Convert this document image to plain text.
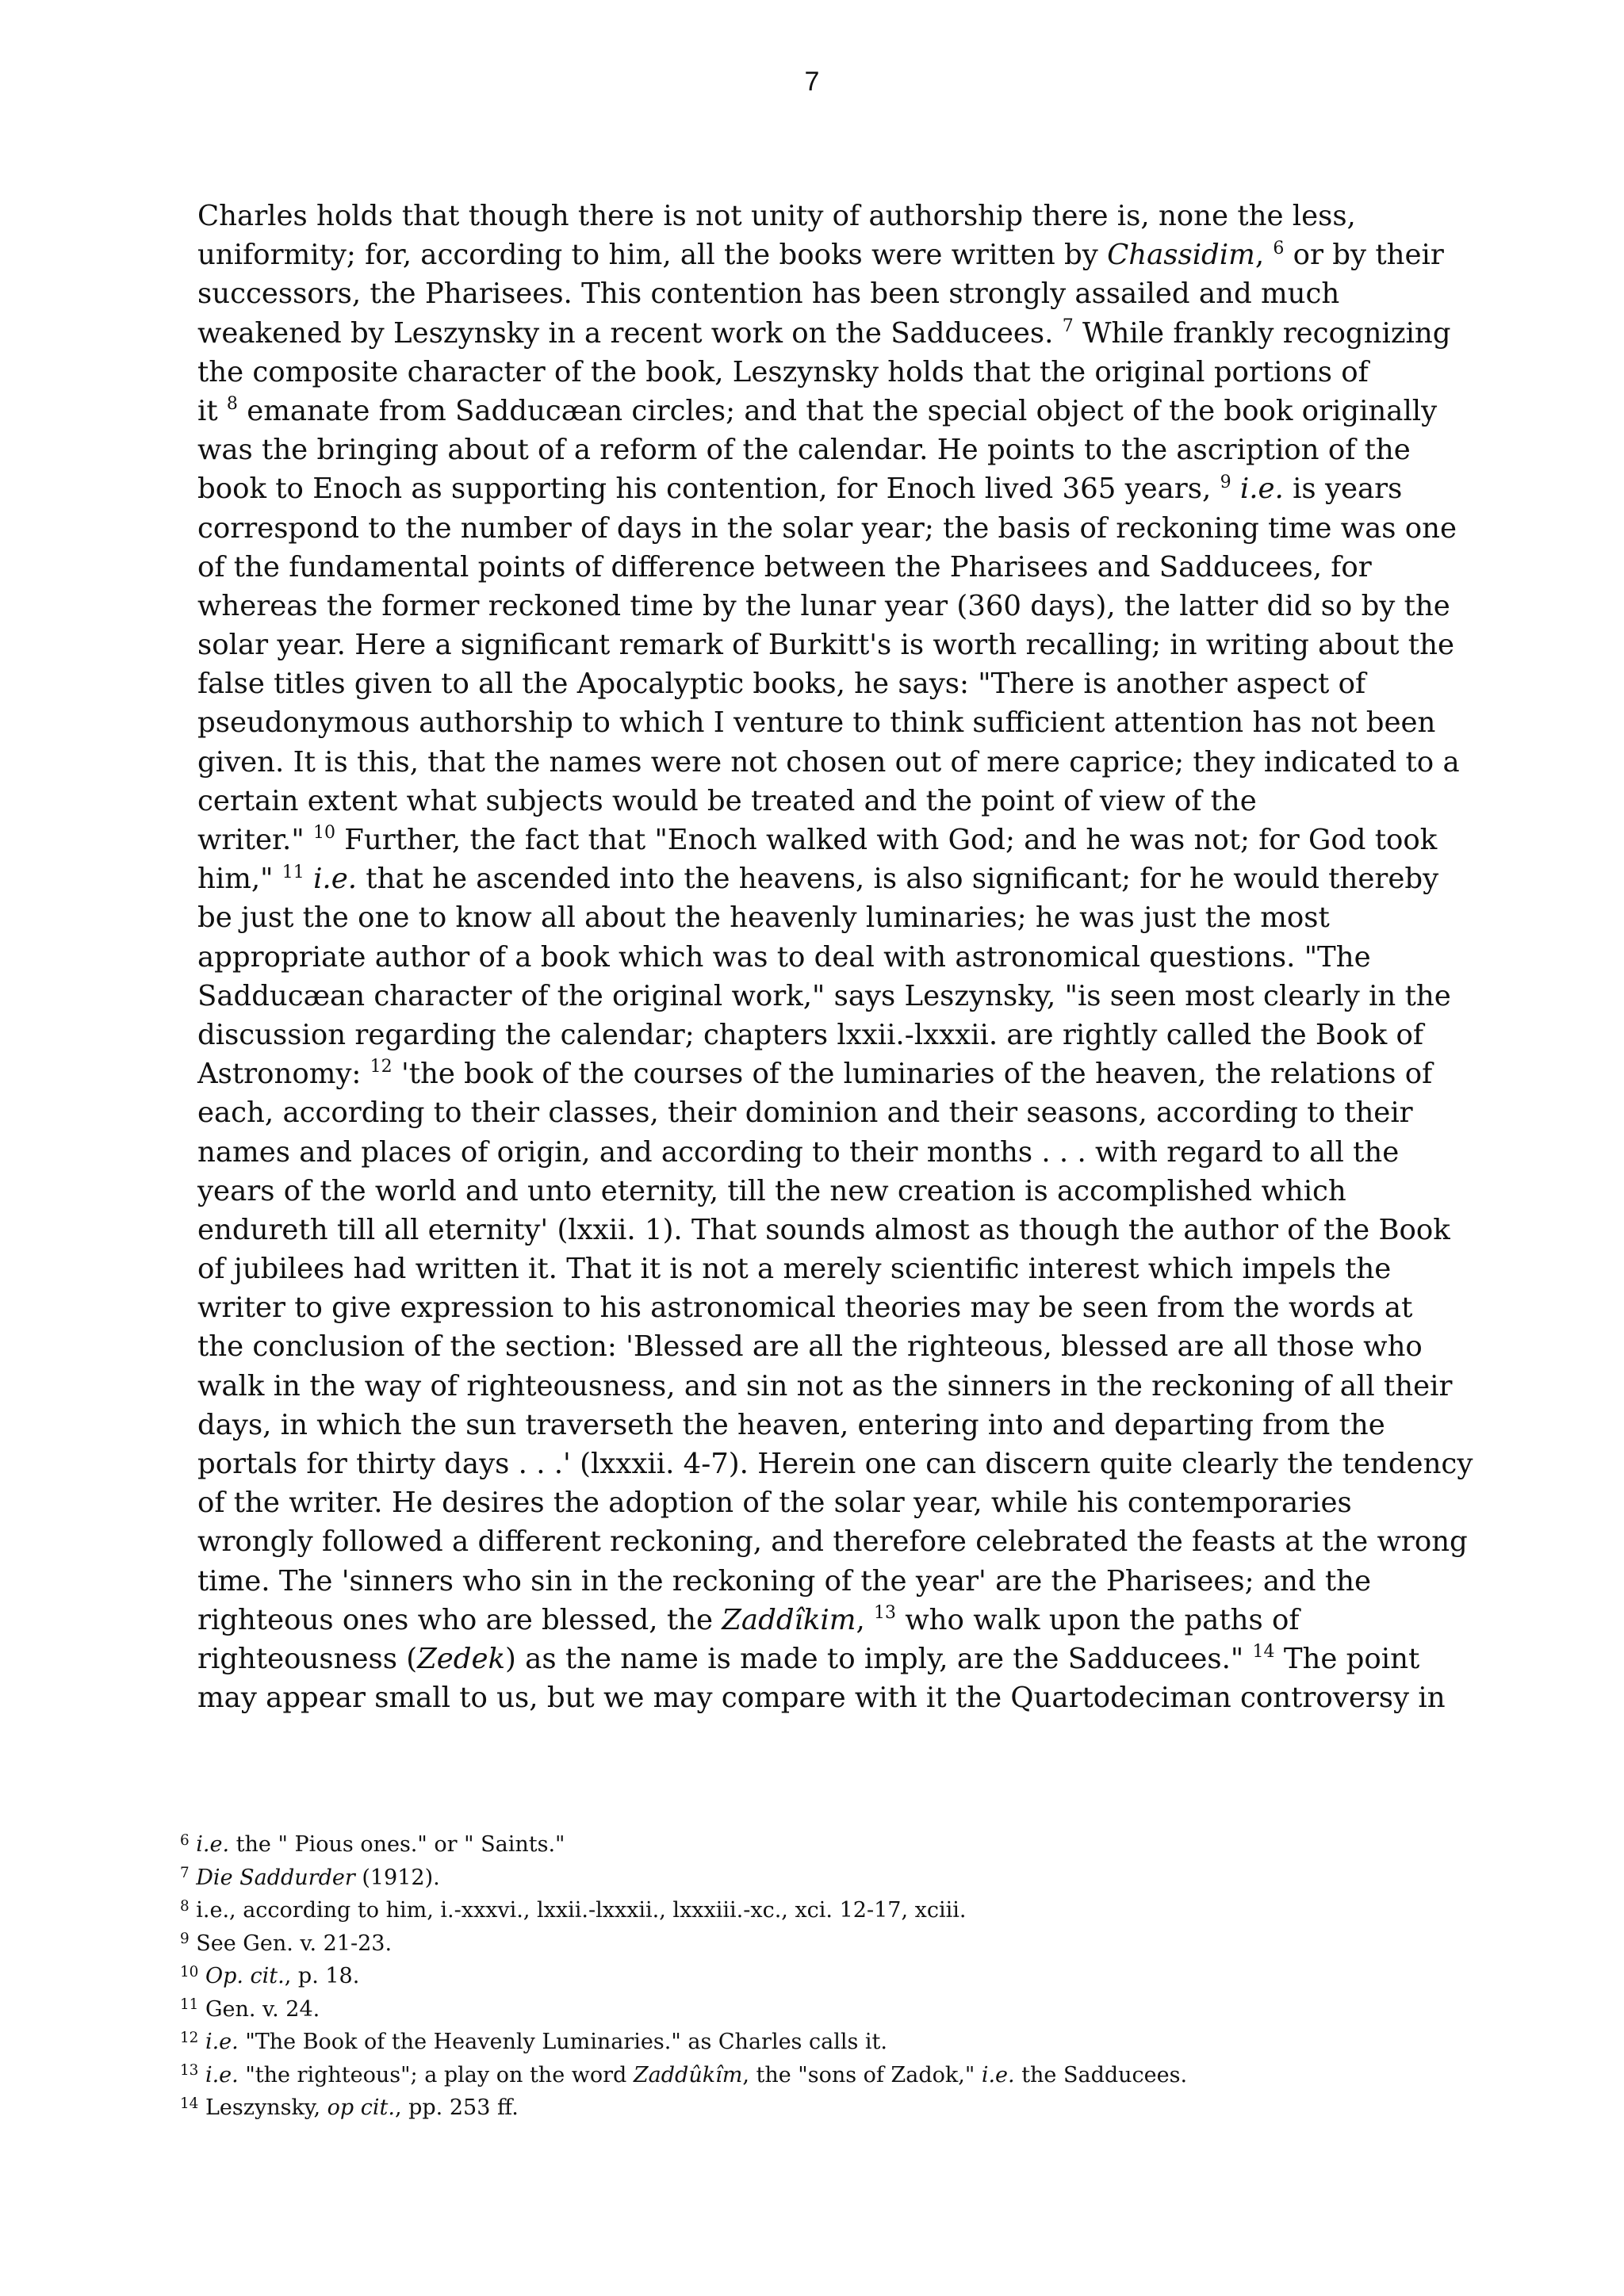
7
Charles holds that though there is not unity of authorship there is, none the less,
uniformity; for, according to him, all the books were written by Chassidim, $^6$ or by their
successors, the Pharisees. This contention has been strongly assailed and much
weakened by Leszynsky in a recent work on the Sadducees. $^7$ While frankly recognizing
the composite character of the book, Leszynsky holds that the original portions of
it $^8$ emanate from Sadducæan circles; and that the special object of the book originally
was the bringing about of a reform of the calendar. He points to the ascription of the
book to Enoch as supporting his contention, for Enoch lived 365 years, $^9$ i.e. is years
correspond to the number of days in the solar year; the basis of reckoning time was one
of the fundamental points of difference between the Pharisees and Sadducees, for
whereas the former reckoned time by the lunar year (360 days), the latter did so by the
solar year. Here a significant remark of Burkitt's is worth recalling; in writing about the
false titles given to all the Apocalyptic books, he says: "There is another aspect of
pseudonymous authorship to which I venture to think sufficient attention has not been
given. It is this, that the names were not chosen out of mere caprice; they indicated to a
certain extent what subjects would be treated and the point of view of the
writer." $^{10}$ Further, the fact that "Enoch walked with God; and he was not; for God took
him," $^{11}$ i.e. that he ascended into the heavens, is also significant; for he would thereby
be just the one to know all about the heavenly luminaries; he was just the most
appropriate author of a book which was to deal with astronomical questions. "The
Sadducæan character of the original work," says Leszynsky, "is seen most clearly in the
discussion regarding the calendar; chapters lxxii.-lxxxii. are rightly called the Book of
Astronomy: $^{12}$ 'the book of the courses of the luminaries of the heaven, the relations of
each, according to their classes, their dominion and their seasons, according to their
names and places of origin, and according to their months . . . with regard to all the
years of the world and unto eternity, till the new creation is accomplished which
endureth till all eternity' (lxxii. 1). That sounds almost as though the author of the Book
of jubilees had written it. That it is not a merely scientific interest which impels the
writer to give expression to his astronomical theories may be seen from the words at
the conclusion of the section: 'Blessed are all the righteous, blessed are all those who
walk in the way of righteousness, and sin not as the sinners in the reckoning of all their
days, in which the sun traverseth the heaven, entering into and departing from the
portals for thirty days . . .' (lxxxii. 4-7). Herein one can discern quite clearly the tendency
of the writer. He desires the adoption of the solar year, while his contemporaries
wrongly followed a different reckoning, and therefore celebrated the feasts at the wrong
time. The 'sinners who sin in the reckoning of the year' are the Pharisees; and the
righteous ones who are blessed, the Zaddîkim, $^{13}$ who walk upon the paths of
righteousness (Zedek) as the name is made to imply, are the Sadducees." $^{14}$ The point
may appear small to us, but we may compare with it the Quartodeciman controversy in
$^6$ i.e. the " Pious ones." or " Saints."
$^7$ Die Saddurder (1912).
$^8$ i.e., according to him, i.-xxxvi., lxxii.-lxxxii., lxxxiii.-xc., xci. 12-17, xciii.
$^9$ See Gen. v. 21-23.
$^{10}$ Op. cit., p. 18.
$^{11}$ Gen. v. 24.
$^{12}$ i.e. "The Book of the Heavenly Luminaries." as Charles calls it.
$^{13}$ i.e. "the righteous"; a play on the word Zaddûkîm, the "sons of Zadok," i.e. the Sadducees.
$^{14}$ Leszynsky, op cit., pp. 253 ff.
